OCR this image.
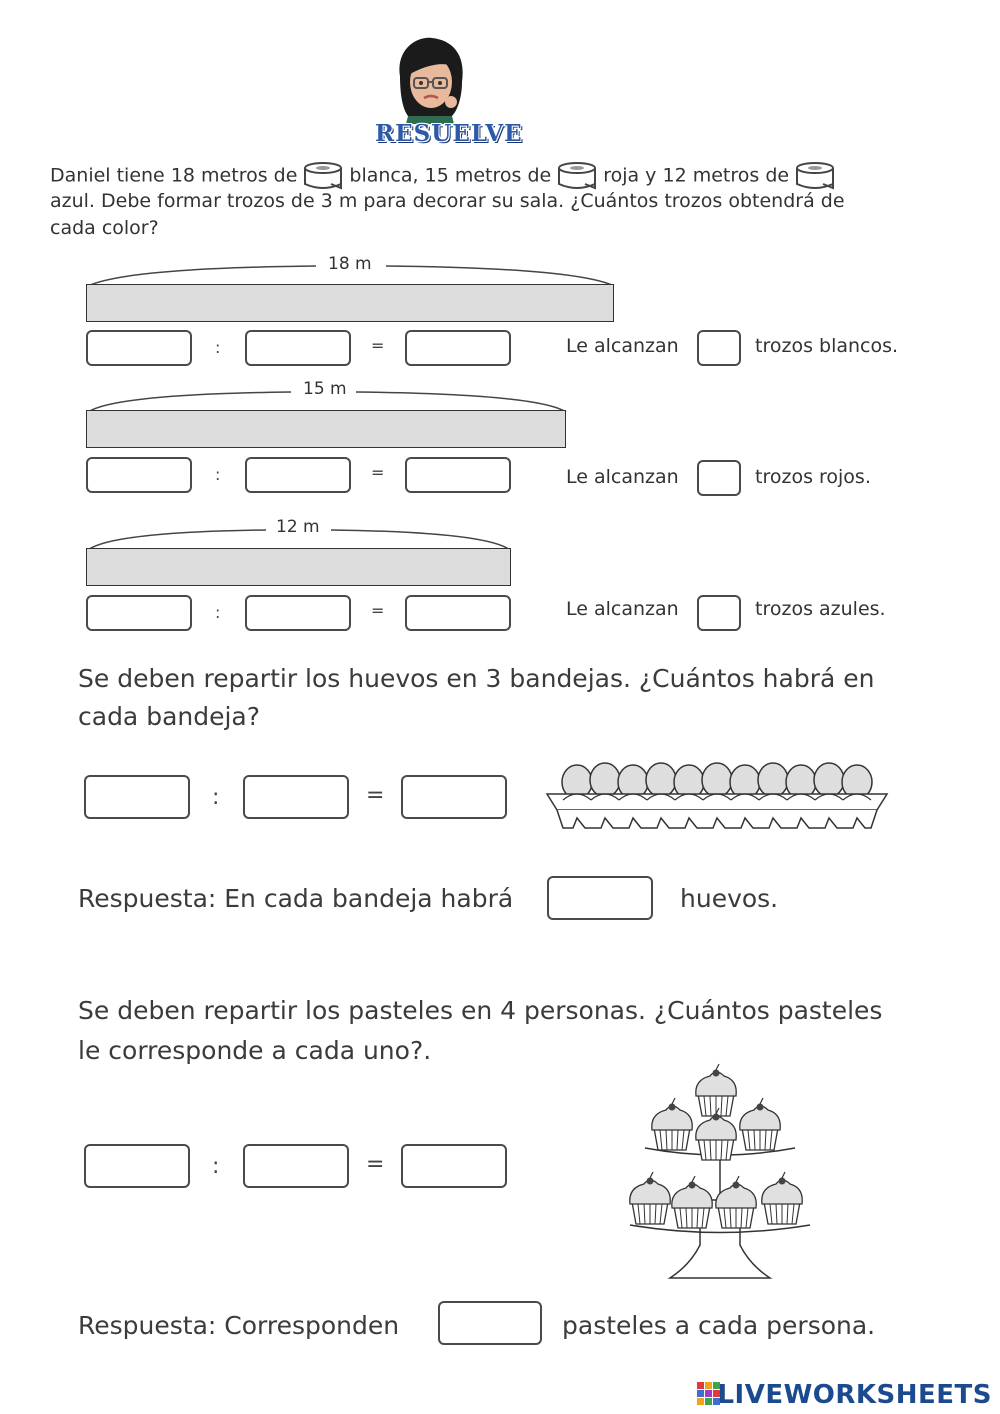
RESUELVE
Daniel tiene 18 metros de	blanca, 15 metros de	roja y 12 metros de
azul. Debe formar trozos de 3 m para decorar su sala. ¿Cuántos trozos obtendrá de
cada color?
18 m
:	=	Le alcanzan	trozos blancos.
15 m
:	=	Le alcanzan	trozos rojos.
12 m
:	=	Le alcanzan	trozos azules.
Se deben repartir los huevos en 3 bandejas. ¿Cuántos habrá en
cada bandeja?
:	=
Respuesta: En cada bandeja habrá	huevos.
Se deben repartir los pasteles en 4 personas. ¿Cuántos pasteles
le corresponde a cada uno?.
:	=
Respuesta: Corresponden	pasteles a cada persona.
LIVEWORKSHEETS
